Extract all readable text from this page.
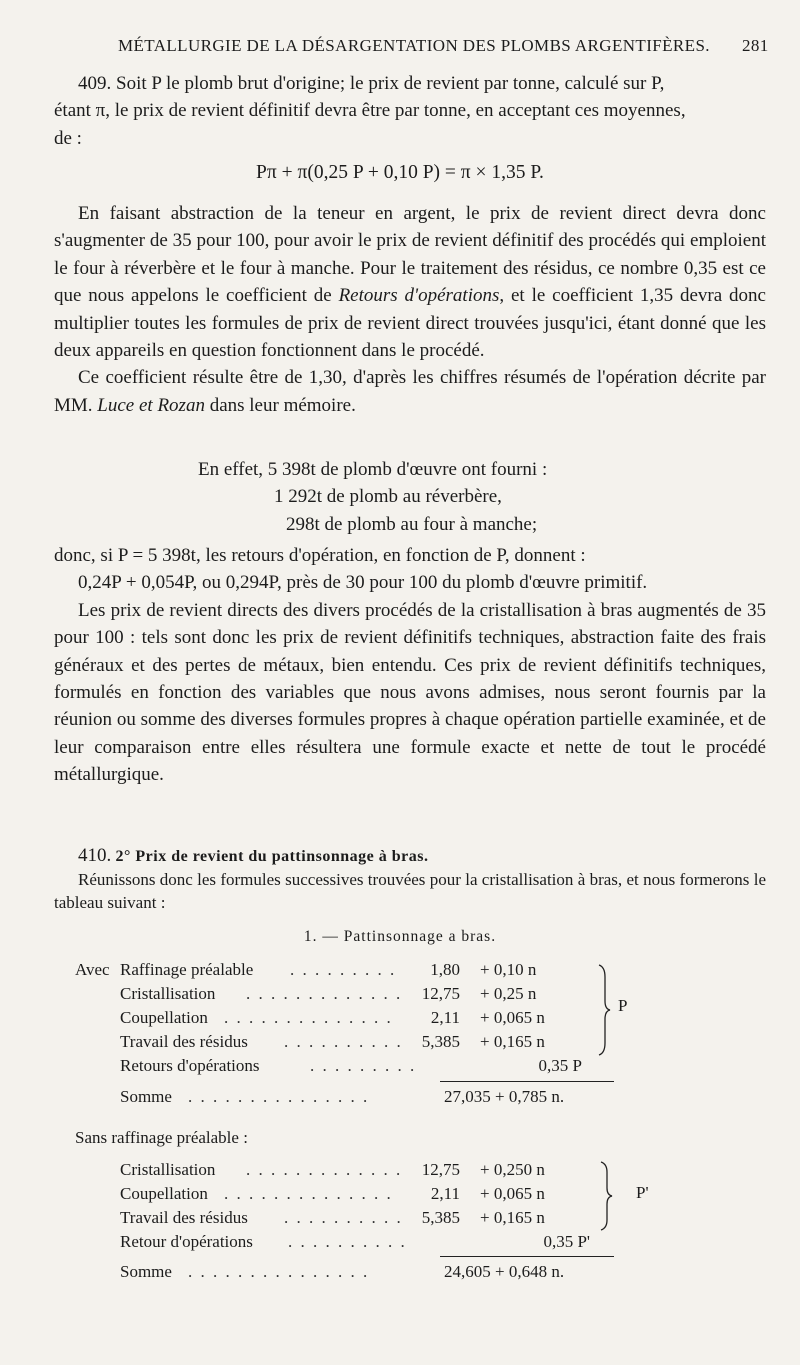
MÉTALLURGIE DE LA DÉSARGENTATION DES PLOMBS ARGENTIFÈRES. 281

409. Soit P le plomb brut d'origine; le prix de revient par tonne, calculé sur P,

étant π, le prix de revient définitif devra être par tonne, en acceptant ces moyennes,

de :

Pπ + π(0,25 P + 0,10 P) = π × 1,35 P.

En faisant abstraction de la teneur en argent, le prix de revient direct devra donc s'augmenter de 35 pour 100, pour avoir le prix de revient définitif des procédés qui emploient le four à réverbère et le four à manche. Pour le traitement des résidus, ce nombre 0,35 est ce que nous appelons le coefficient de Retours d'opérations, et le coefficient 1,35 devra donc multiplier toutes les formules de prix de revient direct trouvées jusqu'ici, étant donné que les deux appareils en question fonctionnent dans le procédé.

Ce coefficient résulte être de 1,30, d'après les chiffres résumés de l'opération décrite par MM. Luce et Rozan dans leur mémoire.

En effet, 5 398t de plomb d'œuvre ont fourni :
1 292t de plomb au réverbère,
298t de plomb au four à manche;

donc, si P = 5 398t, les retours d'opération, en fonction de P, donnent :

0,24P + 0,054P, ou 0,294P, près de 30 pour 100 du plomb d'œuvre primitif.

Les prix de revient directs des divers procédés de la cristallisation à bras augmentés de 35 pour 100 : tels sont donc les prix de revient définitifs techniques, abstraction faite des frais généraux et des pertes de métaux, bien entendu. Ces prix de revient définitifs techniques, formulés en fonction des variables que nous avons admises, nous seront fournis par la réunion ou somme des diverses formules propres à chaque opération partielle examinée, et de leur comparaison entre elles résultera une formule exacte et nette de tout le procédé métallurgique.

410. 2° Prix de revient du pattinsonnage à bras.

Réunissons donc les formules successives trouvées pour la cristallisation à bras, et nous formerons le tableau suivant :

1. — Pattinsonnage a bras.
Avec Raffinage préalable . . . . . . . . . 1,80 + 0,10 n
Cristallisation . . . . . . . . . . . . . 12,75 + 0,25 n
Coupellation . . . . . . . . . . . . . . 2,11 + 0,065 n
Travail des résidus . . . . . . . . . . 5,385 + 0,165 n
Retours d'opérations	. . . . . . . . .	0,35 P
P
Somme . . . . . . . . . . . . . . .	27,035 + 0,785 n.
Sans raffinage préalable :
Cristallisation . . . . . . . . . . . . . 12,75 + 0,250 n
Coupellation . . . . . . . . . . . . . . 2,11 + 0,065 n
Travail des résidus . . . . . . . . . . 5,385 + 0,165 n
Retour d'opérations . . . . . . . . . .	0,35 P'
P'
Somme . . . . . . . . . . . . . . .	24,605 + 0,648 n.
